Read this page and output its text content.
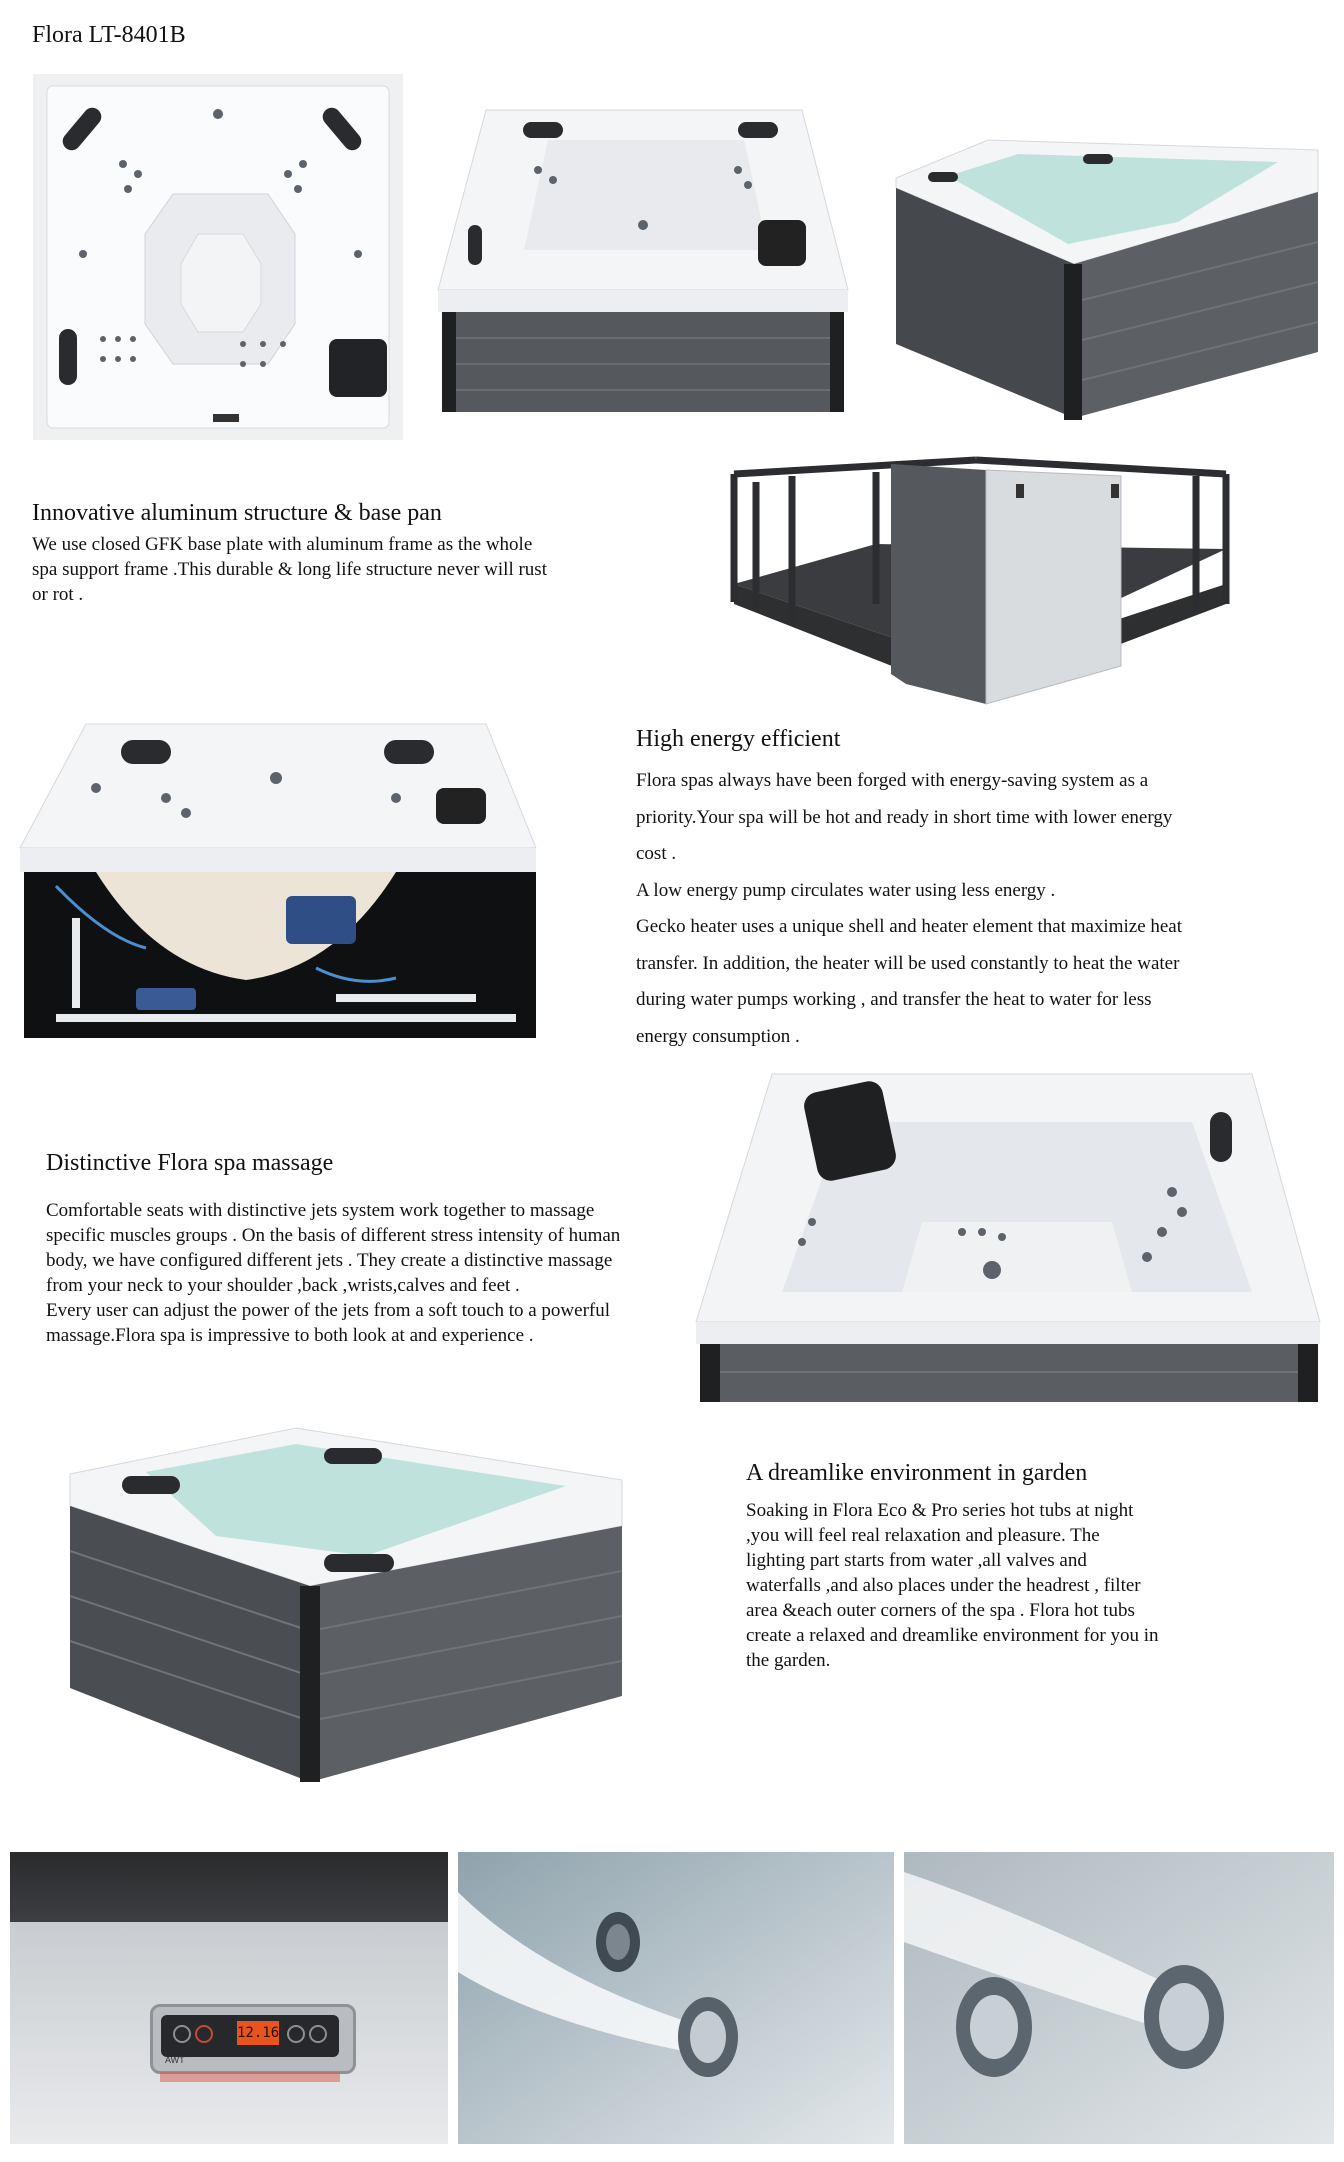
Flora LT-8401B
Innovative aluminum structure & base pan
We use closed GFK base plate with aluminum frame as the whole
spa support frame .This durable & long life structure never will rust
or rot .
High energy efficient
Flora spas always have been forged with energy-saving system as a
priority.Your spa will be hot and ready in short time with lower energy
cost .
A low energy pump circulates water using less energy .
Gecko heater uses a unique shell and heater element that maximize heat
transfer. In addition, the heater will be used constantly to heat the water
during water pumps working , and transfer the heat to water for less
energy consumption .
Distinctive Flora spa massage
Comfortable seats with distinctive jets system work together to massage
specific muscles groups . On the basis of different stress intensity of human
body, we have configured different jets . They create a distinctive massage
from your neck to your shoulder ,back ,wrists,calves and feet .
Every user can adjust the power of the jets from a soft touch to a powerful
massage.Flora spa is impressive to both look at and experience .
A dreamlike environment in garden
Soaking in Flora Eco & Pro series hot tubs at night
,you will feel real relaxation and pleasure. The
lighting part starts from water ,all valves and
waterfalls ,and also places under the headrest , filter
area &each outer corners of the spa . Flora hot tubs
create a relaxed and dreamlike environment for you in
the garden.
12.16
AWT
